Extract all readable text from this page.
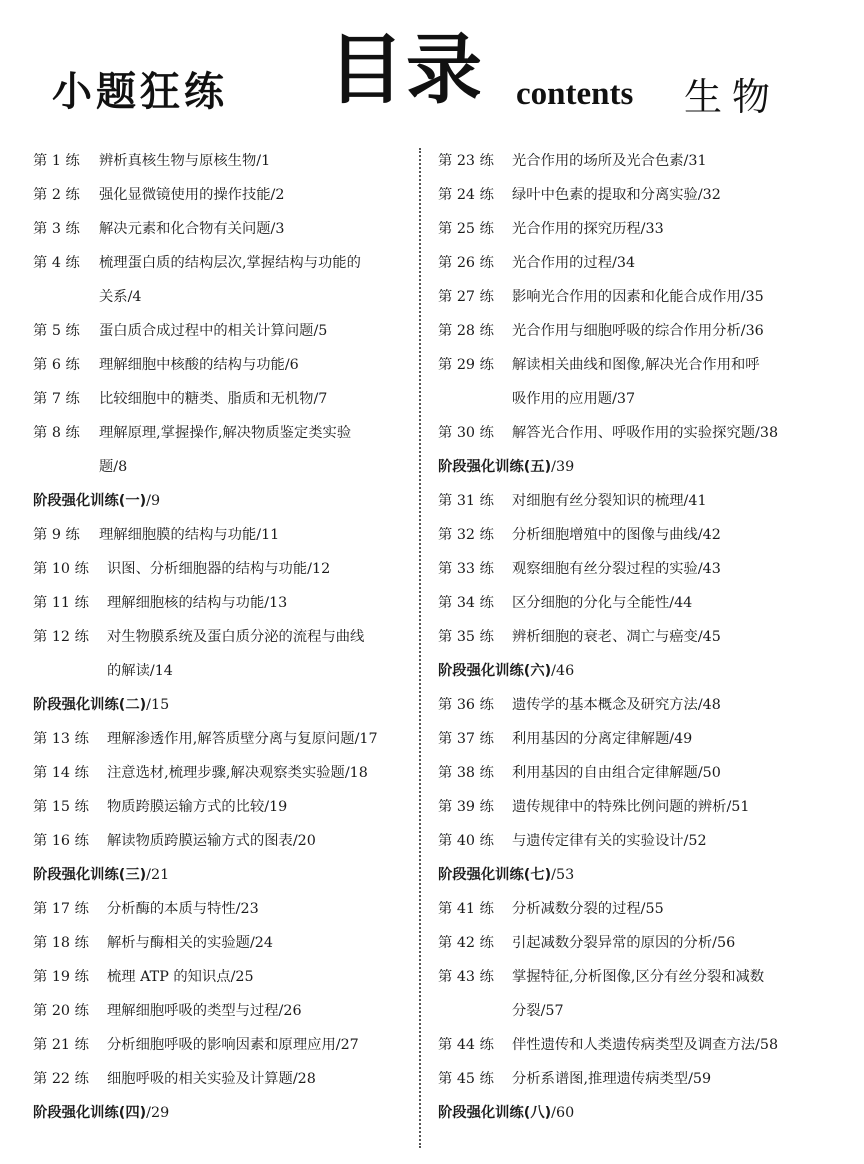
小题狂练 目录 contents 生物
第 1 练 辨析真核生物与原核生物/1
第 2 练 强化显微镜使用的操作技能/2
第 3 练 解决元素和化合物有关问题/3
第 4 练 梳理蛋白质的结构层次,掌握结构与功能的
关系/4
第 5 练 蛋白质合成过程中的相关计算问题/5
第 6 练 理解细胞中核酸的结构与功能/6
第 7 练 比较细胞中的糖类、脂质和无机物/7
第 8 练 理解原理,掌握操作,解决物质鉴定类实验
题/8
阶段强化训练(一)/9
第 9 练 理解细胞膜的结构与功能/11
第 10 练 识图、分析细胞器的结构与功能/12
第 11 练 理解细胞核的结构与功能/13
第 12 练 对生物膜系统及蛋白质分泌的流程与曲线
的解读/14
阶段强化训练(二)/15
第 13 练 理解渗透作用,解答质壁分离与复原问题/17
第 14 练 注意选材,梳理步骤,解决观察类实验题/18
第 15 练 物质跨膜运输方式的比较/19
第 16 练 解读物质跨膜运输方式的图表/20
阶段强化训练(三)/21
第 17 练 分析酶的本质与特性/23
第 18 练 解析与酶相关的实验题/24
第 19 练 梳理 ATP 的知识点/25
第 20 练 理解细胞呼吸的类型与过程/26
第 21 练 分析细胞呼吸的影响因素和原理应用/27
第 22 练 细胞呼吸的相关实验及计算题/28
阶段强化训练(四)/29
第 23 练 光合作用的场所及光合色素/31
第 24 练 绿叶中色素的提取和分离实验/32
第 25 练 光合作用的探究历程/33
第 26 练 光合作用的过程/34
第 27 练 影响光合作用的因素和化能合成作用/35
第 28 练 光合作用与细胞呼吸的综合作用分析/36
第 29 练 解读相关曲线和图像,解决光合作用和呼
吸作用的应用题/37
第 30 练 解答光合作用、呼吸作用的实验探究题/38
阶段强化训练(五)/39
第 31 练 对细胞有丝分裂知识的梳理/41
第 32 练 分析细胞增殖中的图像与曲线/42
第 33 练 观察细胞有丝分裂过程的实验/43
第 34 练 区分细胞的分化与全能性/44
第 35 练 辨析细胞的衰老、凋亡与癌变/45
阶段强化训练(六)/46
第 36 练 遗传学的基本概念及研究方法/48
第 37 练 利用基因的分离定律解题/49
第 38 练 利用基因的自由组合定律解题/50
第 39 练 遗传规律中的特殊比例问题的辨析/51
第 40 练 与遗传定律有关的实验设计/52
阶段强化训练(七)/53
第 41 练 分析减数分裂的过程/55
第 42 练 引起减数分裂异常的原因的分析/56
第 43 练 掌握特征,分析图像,区分有丝分裂和减数
分裂/57
第 44 练 伴性遗传和人类遗传病类型及调查方法/58
第 45 练 分析系谱图,推理遗传病类型/59
阶段强化训练(八)/60
